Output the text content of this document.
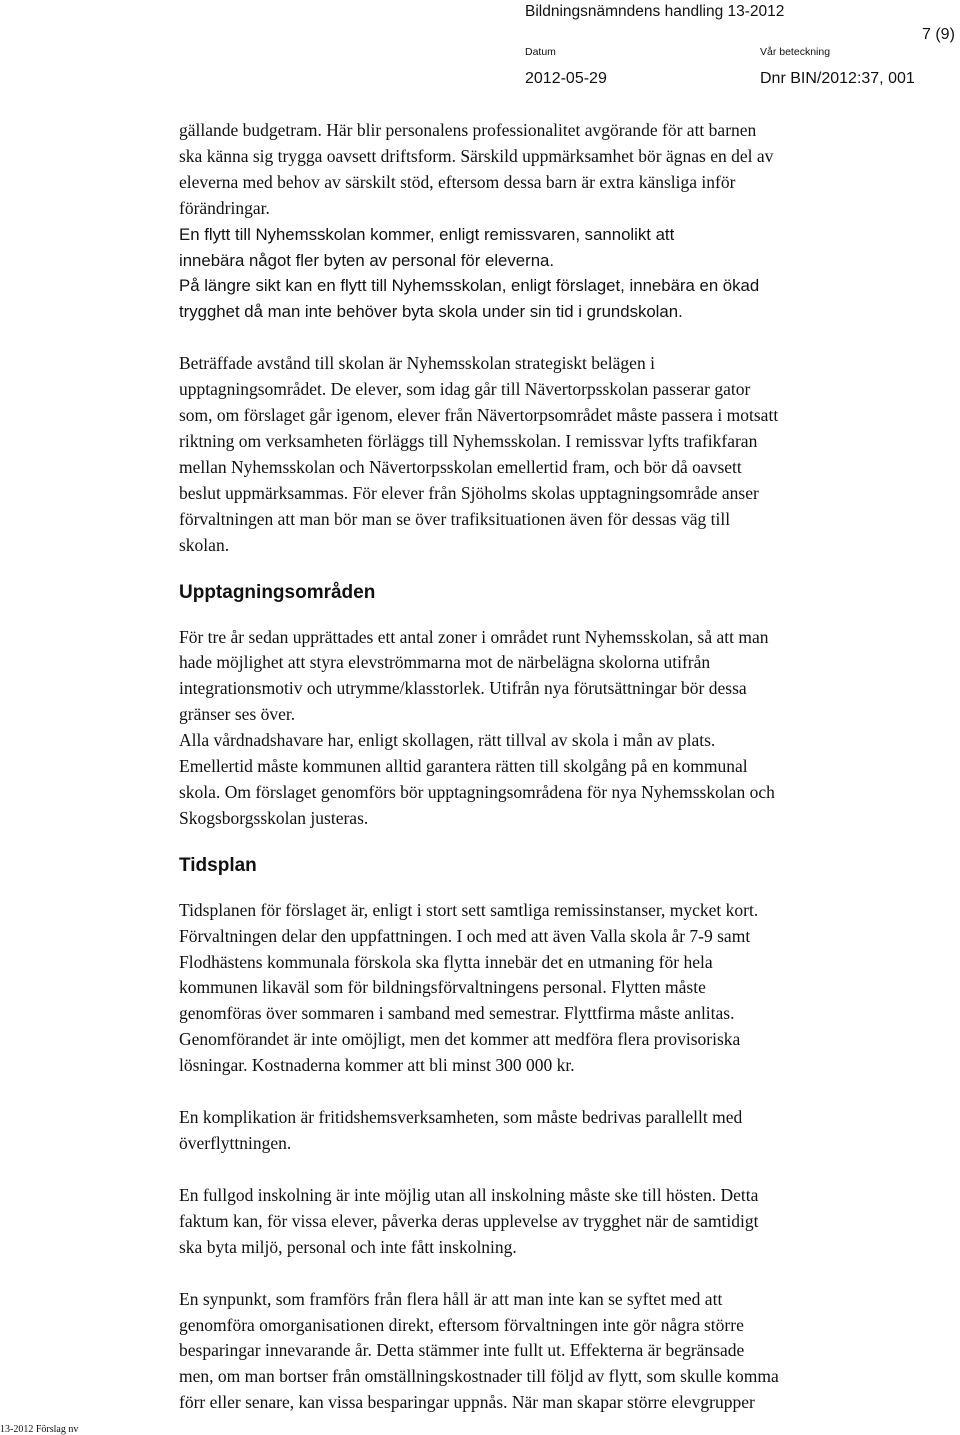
Bildningsnämndens handling 13-2012
7 (9)
Datum	Vår beteckning
2012-05-29	Dnr BIN/2012:37, 001
gällande budgetram. Här blir personalens professionalitet avgörande för att barnen
ska känna sig trygga oavsett driftsform. Särskild uppmärksamhet bör ägnas en del av
eleverna med behov av särskilt stöd, eftersom dessa barn är extra känsliga inför
förändringar.
En flytt till Nyhemsskolan kommer, enligt remissvaren, sannolikt att
innebära något fler byten av personal för eleverna.
På längre sikt kan en flytt till Nyhemsskolan, enligt förslaget, innebära en ökad
trygghet då man inte behöver byta skola under sin tid i grundskolan.
Beträffade avstånd till skolan är Nyhemsskolan strategiskt belägen i
upptagningsområdet. De elever, som idag går till Nävertorpsskolan passerar gator
som, om förslaget går igenom, elever från Nävertorpsområdet måste passera i motsatt
riktning om verksamheten förläggs till Nyhemsskolan. I remissvar lyfts trafikfaran
mellan Nyhemsskolan och Nävertorpsskolan emellertid fram, och bör då oavsett
beslut uppmärksammas. För elever från Sjöholms skolas upptagningsområde anser
förvaltningen att man bör man se över trafiksituationen även för dessas väg till
skolan.
Upptagningsområden
För tre år sedan upprättades ett antal zoner i området runt Nyhemsskolan, så att man
hade möjlighet att styra elevströmmarna mot de närbelägna skolorna utifrån
integrationsmotiv och utrymme/klasstorlek. Utifrån nya förutsättningar bör dessa
gränser ses över.
Alla vårdnadshavare har, enligt skollagen, rätt tillval av skola i mån av plats.
Emellertid måste kommunen alltid garantera rätten till skolgång på en kommunal
skola. Om förslaget genomförs bör upptagningsområdena för nya Nyhemsskolan och
Skogsborgsskolan justeras.
Tidsplan
Tidsplanen för förslaget är, enligt i stort sett samtliga remissinstanser, mycket kort.
Förvaltningen delar den uppfattningen. I och med att även Valla skola år 7-9 samt
Flodhästens kommunala förskola ska flytta innebär det en utmaning för hela
kommunen likaväl som för bildningsförvaltningens personal. Flytten måste
genomföras över sommaren i samband med semestrar. Flyttfirma måste anlitas.
Genomförandet är inte omöjligt, men det kommer att medföra flera provisoriska
lösningar. Kostnaderna kommer att bli minst 300 000 kr.
En komplikation är fritidshemsverksamheten, som måste bedrivas parallellt med
överflyttningen.
En fullgod inskolning är inte möjlig utan all inskolning måste ske till hösten. Detta
faktum kan, för vissa elever, påverka deras upplevelse av trygghet när de samtidigt
ska byta miljö, personal och inte fått inskolning.
En synpunkt, som framförs från flera håll är att man inte kan se syftet med att
genomföra omorganisationen direkt, eftersom förvaltningen inte gör några större
besparingar innevarande år. Detta stämmer inte fullt ut. Effekterna är begränsade
men, om man bortser från omställningskostnader till följd av flytt, som skulle komma
förr eller senare, kan vissa besparingar uppnås. När man skapar större elevgrupper
13-2012 Förslag nv
